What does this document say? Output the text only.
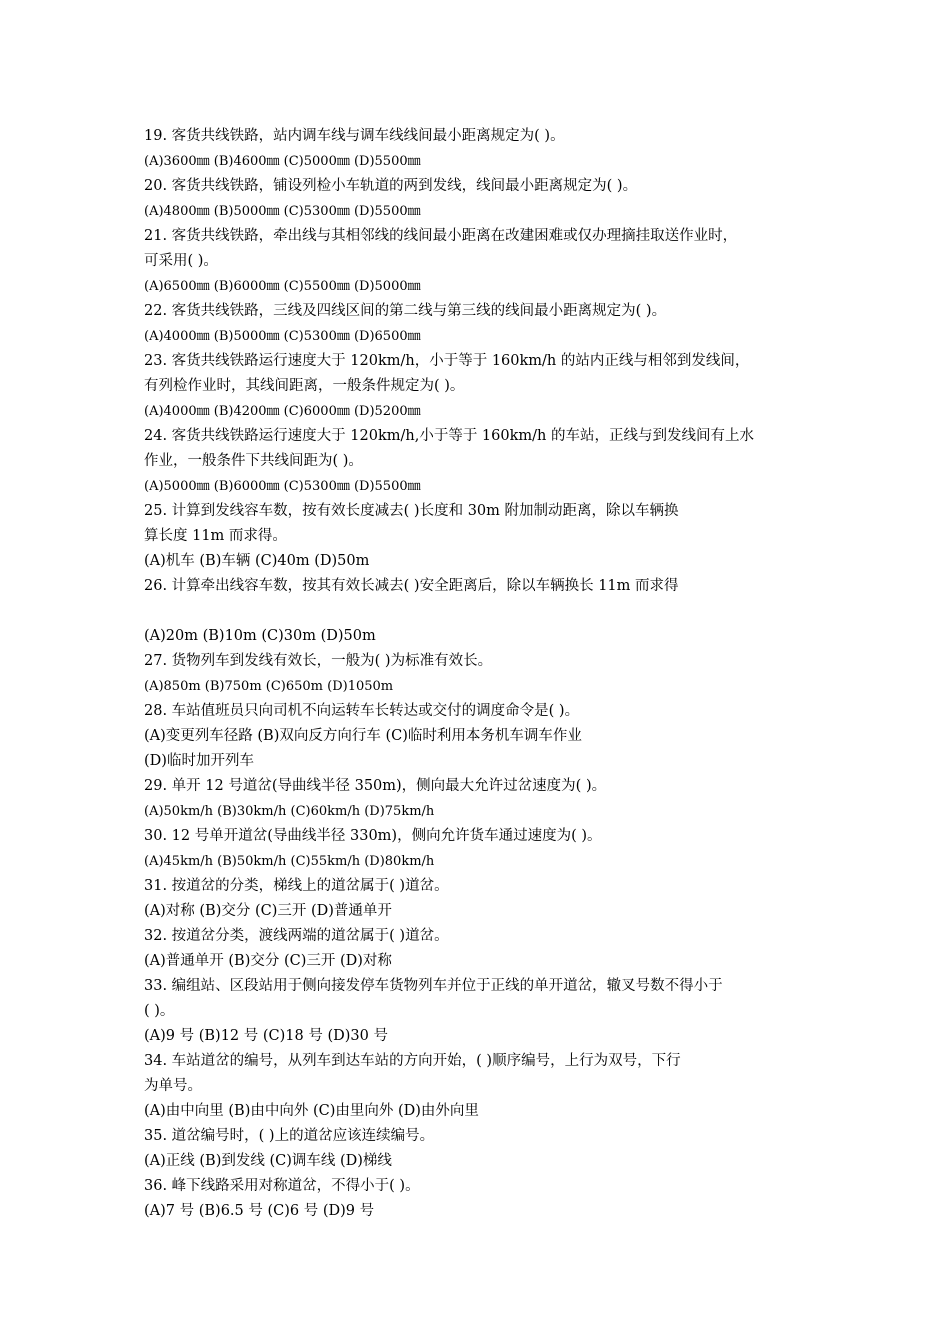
19. 客货共线铁路，站内调车线与调车线线间最小距离规定为( )。
(A)3600㎜ (B)4600㎜ (C)5000㎜ (D)5500㎜
20. 客货共线铁路，铺设列检小车轨道的两到发线，线间最小距离规定为( )。
(A)4800㎜ (B)5000㎜ (C)5300㎜ (D)5500㎜
21. 客货共线铁路，牵出线与其相邻线的线间最小距离在改建困难或仅办理摘挂取送作业时，
可采用( )。
(A)6500㎜ (B)6000㎜ (C)5500㎜ (D)5000㎜
22. 客货共线铁路，三线及四线区间的第二线与第三线的线间最小距离规定为( )。
(A)4000㎜ (B)5000㎜ (C)5300㎜ (D)6500㎜
23. 客货共线铁路运行速度大于 120km/h，小于等于 160km/h 的站内正线与相邻到发线间，
有列检作业时，其线间距离，一般条件规定为( )。
(A)4000㎜ (B)4200㎜ (C)6000㎜ (D)5200㎜
24. 客货共线铁路运行速度大于 120km/h,小于等于 160km/h 的车站，正线与到发线间有上水
作业，一般条件下共线间距为( )。
(A)5000㎜ (B)6000㎜ (C)5300㎜ (D)5500㎜
25. 计算到发线容车数，按有效长度减去( )长度和 30m 附加制动距离，除以车辆换
算长度 11m 而求得。
(A)机车 (B)车辆 (C)40m (D)50m
26. 计算牵出线容车数，按其有效长减去( )安全距离后，除以车辆换长 11m 而求得
(A)20m (B)10m (C)30m (D)50m
27. 货物列车到发线有效长，一般为( )为标准有效长。
(A)850m (B)750m (C)650m (D)1050m
28. 车站值班员只向司机不向运转车长转达或交付的调度命令是( )。
(A)变更列车径路 (B)双向反方向行车 (C)临时利用本务机车调车作业
(D)临时加开列车
29. 单开 12 号道岔(导曲线半径 350m)，侧向最大允许过岔速度为( )。
(A)50km/h (B)30km/h (C)60km/h (D)75km/h
30. 12 号单开道岔(导曲线半径 330m)，侧向允许货车通过速度为( )。
(A)45km/h (B)50km/h (C)55km/h (D)80km/h
31. 按道岔的分类，梯线上的道岔属于( )道岔。
(A)对称 (B)交分 (C)三开 (D)普通单开
32. 按道岔分类，渡线两端的道岔属于( )道岔。
(A)普通单开 (B)交分 (C)三开 (D)对称
33. 编组站、区段站用于侧向接发停车货物列车并位于正线的单开道岔，辙叉号数不得小于
( )。
(A)9 号 (B)12 号 (C)18 号 (D)30 号
34. 车站道岔的编号，从列车到达车站的方向开始，( )顺序编号，上行为双号，下行
为单号。
(A)由中向里 (B)由中向外 (C)由里向外 (D)由外向里
35. 道岔编号时，( )上的道岔应该连续编号。
(A)正线 (B)到发线 (C)调车线 (D)梯线
36. 峰下线路采用对称道岔，不得小于( )。
(A)7 号 (B)6.5 号 (C)6 号 (D)9 号
